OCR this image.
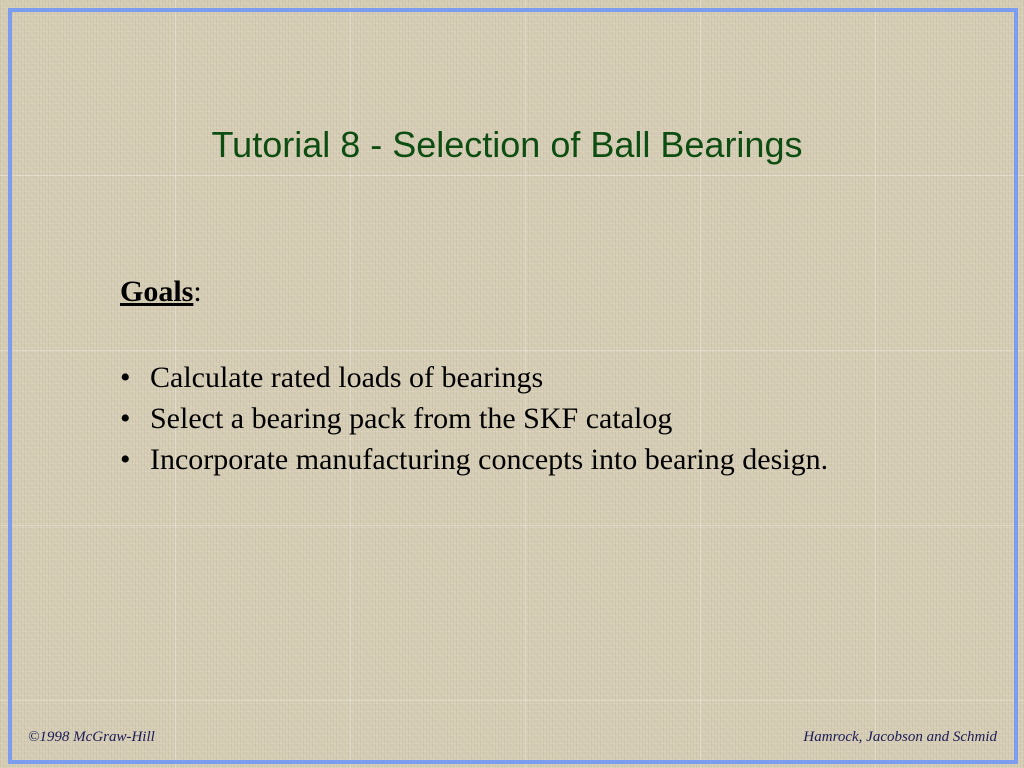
Tutorial 8 - Selection of Ball Bearings
Goals:
• Calculate rated loads of bearings
• Select a bearing pack from the SKF catalog
• Incorporate manufacturing concepts into bearing design.
©1998 McGraw-Hill	Hamrock, Jacobson and Schmid
